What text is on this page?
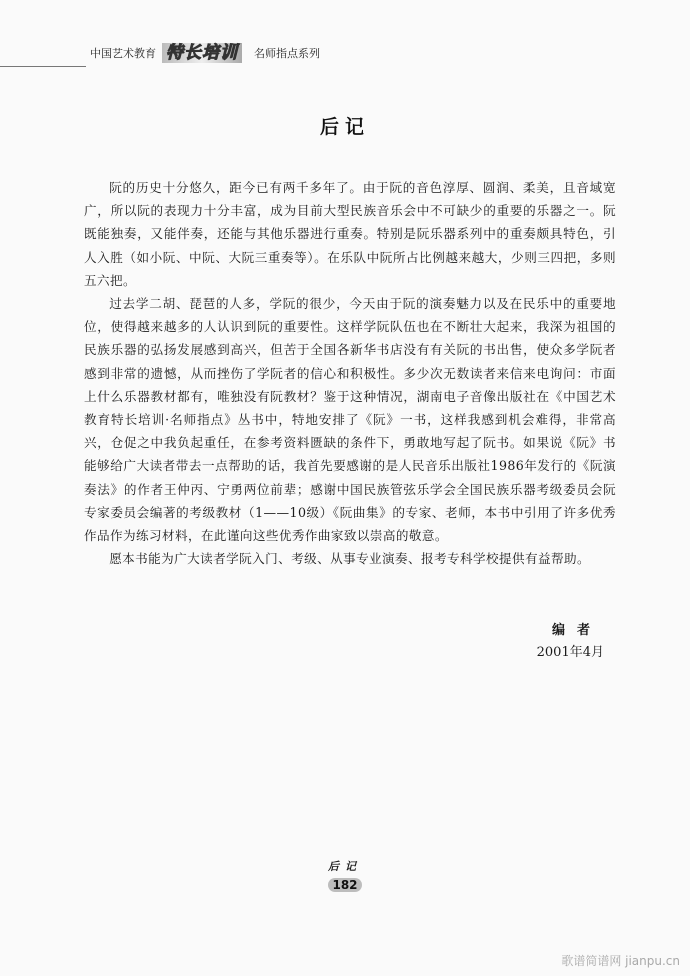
中国艺术教育 特长培训	名师指点系列
后记

阮的历史十分悠久，距今已有两千多年了。由于阮的音色淳厚、圆润、柔美，且音域宽广，所以阮的表现力十分丰富，成为目前大型民族音乐会中不可缺少的重要的乐器之一。阮既能独奏，又能伴奏，还能与其他乐器进行重奏。特别是阮乐器系列中的重奏颇具特色，引人入胜（如小阮、中阮、大阮三重奏等）。在乐队中阮所占比例越来越大，少则三四把，多则五六把。

过去学二胡、琵琶的人多，学阮的很少，今天由于阮的演奏魅力以及在民乐中的重要地位，使得越来越多的人认识到阮的重要性。这样学阮队伍也在不断壮大起来，我深为祖国的民族乐器的弘扬发展感到高兴，但苦于全国各新华书店没有有关阮的书出售，使众多学阮者感到非常的遗憾，从而挫伤了学阮者的信心和积极性。多少次无数读者来信来电询问：市面上什么乐器教材都有，唯独没有阮教材？鉴于这种情况，湖南电子音像出版社在《中国艺术教育特长培训·名师指点》丛书中，特地安排了《阮》一书，这样我感到机会难得，非常高兴，仓促之中我负起重任，在参考资料匮缺的条件下，勇敢地写起了阮书。如果说《阮》书能够给广大读者带去一点帮助的话，我首先要感谢的是人民音乐出版社1986年发行的《阮演奏法》的作者王仲丙、宁勇两位前辈；感谢中国民族管弦乐学会全国民族乐器考级委员会阮专家委员会编著的考级教材（1——10级）《阮曲集》的专家、老师，本书中引用了许多优秀作品作为练习材料，在此谨向这些优秀作曲家致以崇高的敬意。

愿本书能为广大读者学阮入门、考级、从事专业演奏、报考专科学校提供有益帮助。

编者
2001年4月
后记
182
歌谱简谱网 jianpu.cn
